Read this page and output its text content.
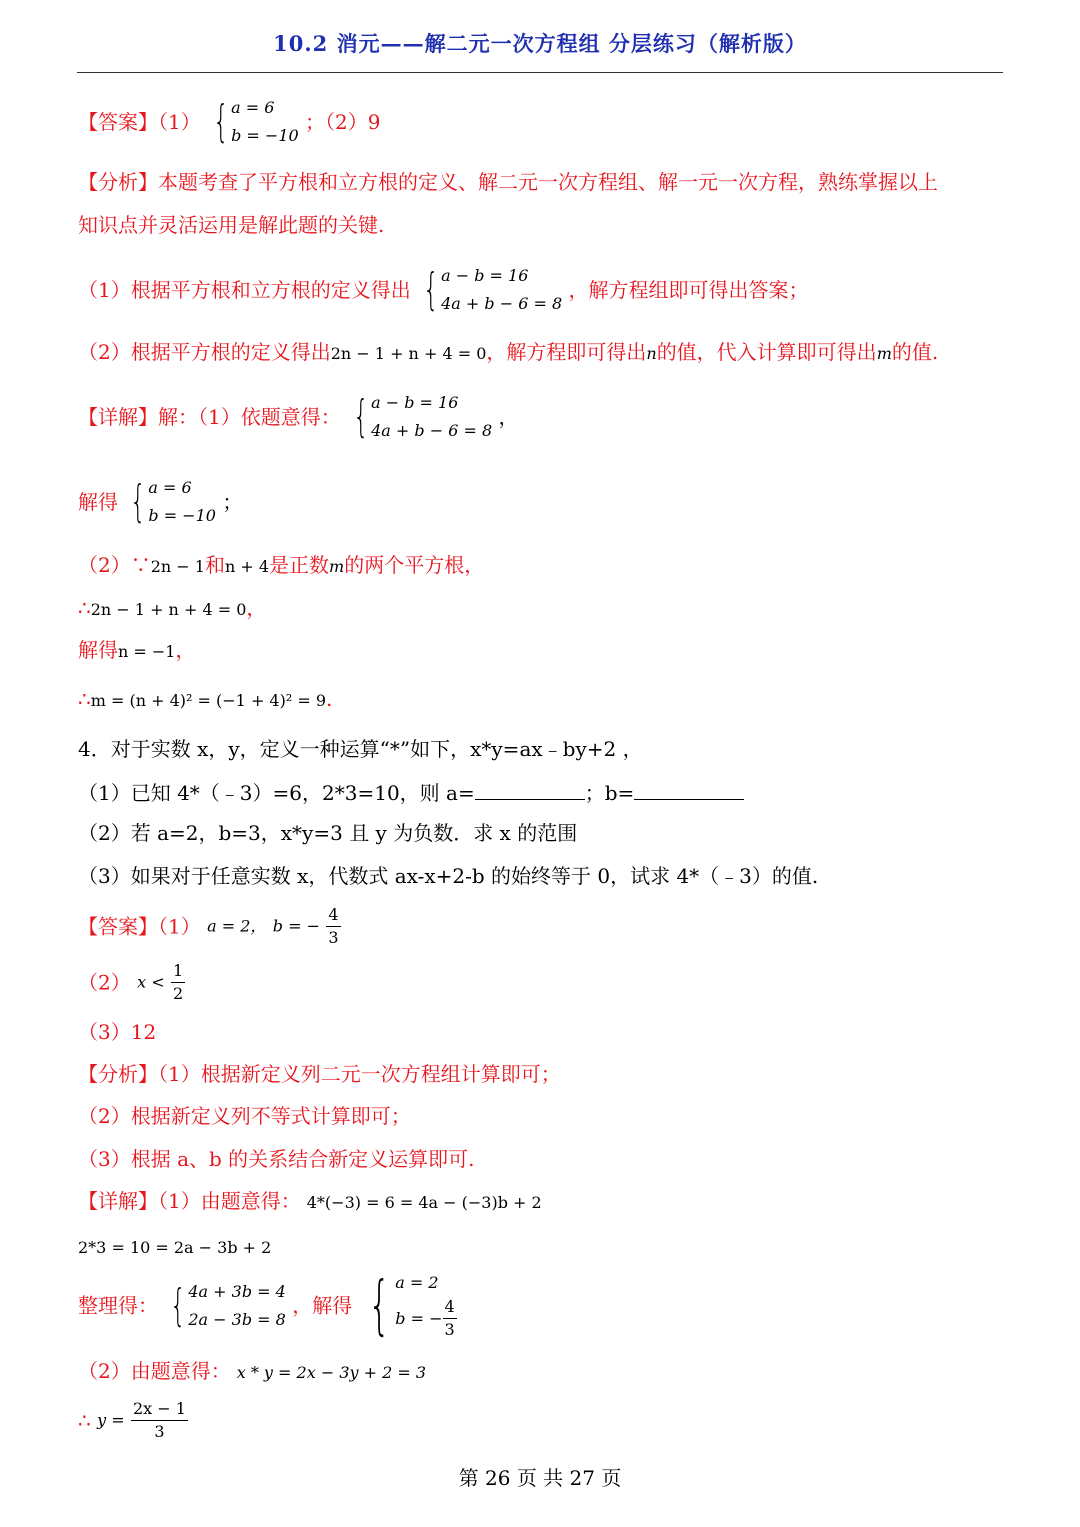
10.2 消元——解二元一次方程组 分层练习（解析版）
【答案】（1） { a = 6
b = −10
；（2）9
【分析】本题考查了平方根和立方根的定义、解二元一次方程组、解一元一次方程，熟练掌握以上
知识点并灵活运用是解此题的关键.
（1）根据平方根和立方根的定义得出 { a − b = 16
4a + b − 6 = 8
，解方程组即可得出答案；
（2）根据平方根的定义得出2n − 1 + n + 4 = 0，解方程即可得出n的值，代入计算即可得出m的值.
【详解】解：（1）依题意得： { a − b = 16
4a + b − 6 = 8
，
解得 { a = 6
b = −10
；
（2）∵2n − 1和n + 4是正数m的两个平方根，
∴2n − 1 + n + 4 = 0，
解得n = −1，
∴m = (n + 4)² = (−1 + 4)² = 9.
4．对于实数 x，y，定义一种运算“*”如下，x*y=ax﹣by+2 ，
（1）已知 4*（﹣3）=6，2*3=10，则 a=	；b=
（2）若 a=2，b=3，x*y=3 且 y 为负数．求 x 的范围
（3）如果对于任意实数 x，代数式 ax-x+2-b 的始终等于 0，试求 4*（﹣3）的值.
【答案】（1） a = 2， b = − $\frac{4}{3}$
（2） $x < \frac{1}{2}$
（3）12
【分析】（1）根据新定义列二元一次方程组计算即可；
（2）根据新定义列不等式计算即可；
（3）根据 a、b 的关系结合新定义运算即可.
【详解】（1）由题意得： 4*(−3) = 6 = 4a − (−3)b + 2
2*3 = 10 = 2a − 3b + 2
整理得： { 4a + 3b = 4
2a − 3b = 8
，解得 { a = 2
b = − $\frac{4}{3}$
（2）由题意得： x * y = 2x − 3y + 2 = 3
∴ $y = \frac{2x - 1}{3}$
第 26 页 共 27 页
